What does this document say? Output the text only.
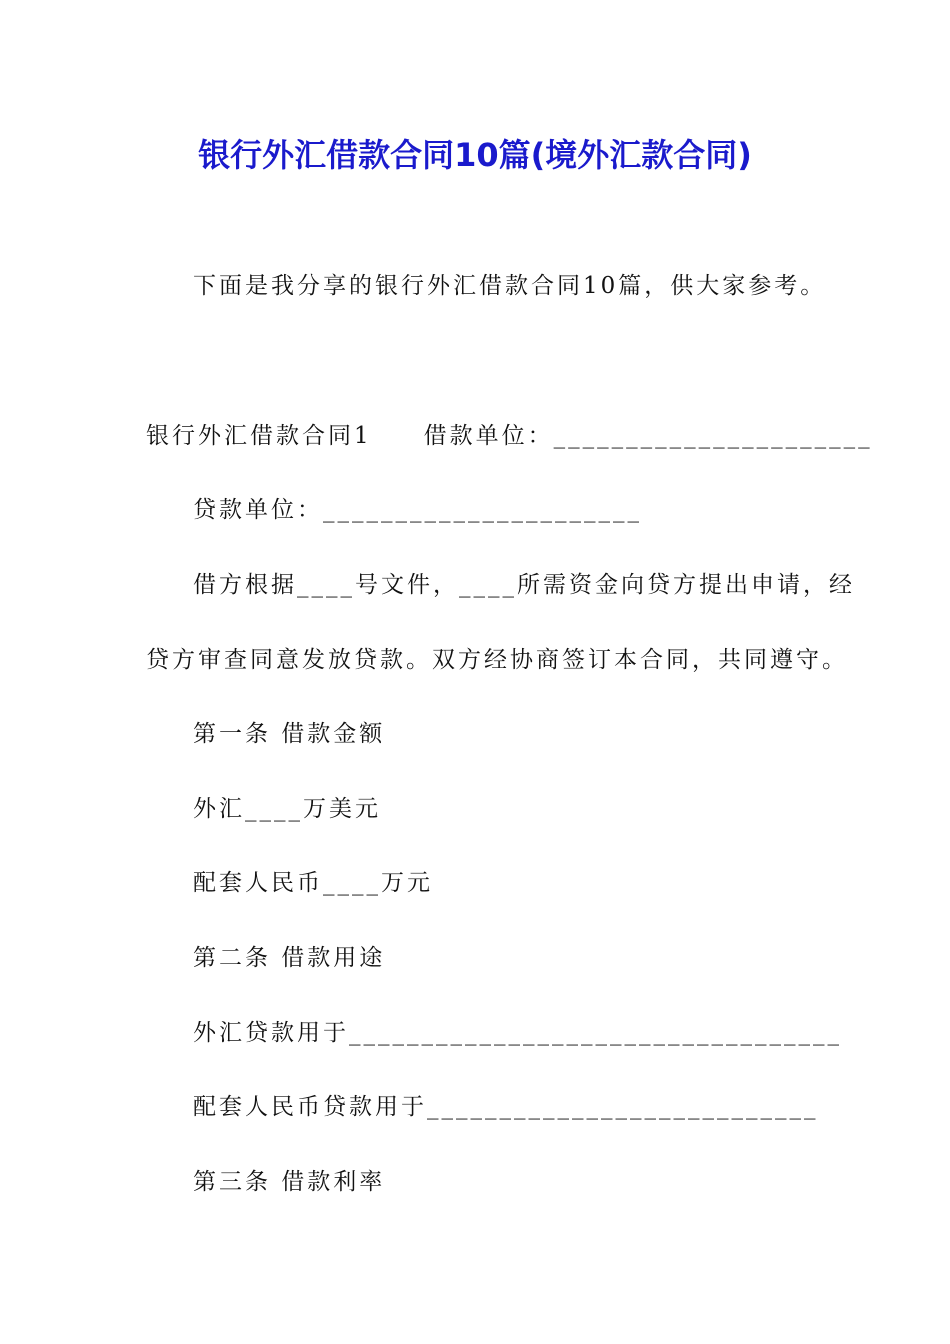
银行外汇借款合同10篇(境外汇款合同)
下面是我分享的银行外汇借款合同10篇，供大家参考。
银行外汇借款合同1 借款单位：______________________
贷款单位：______________________
借方根据____号文件，____所需资金向贷方提出申请，经
贷方审查同意发放贷款。双方经协商签订本合同，共同遵守。
第一条 借款金额
外汇____万美元
配套人民币____万元
第二条 借款用途
外汇贷款用于__________________________________
配套人民币贷款用于___________________________
第三条 借款利率
